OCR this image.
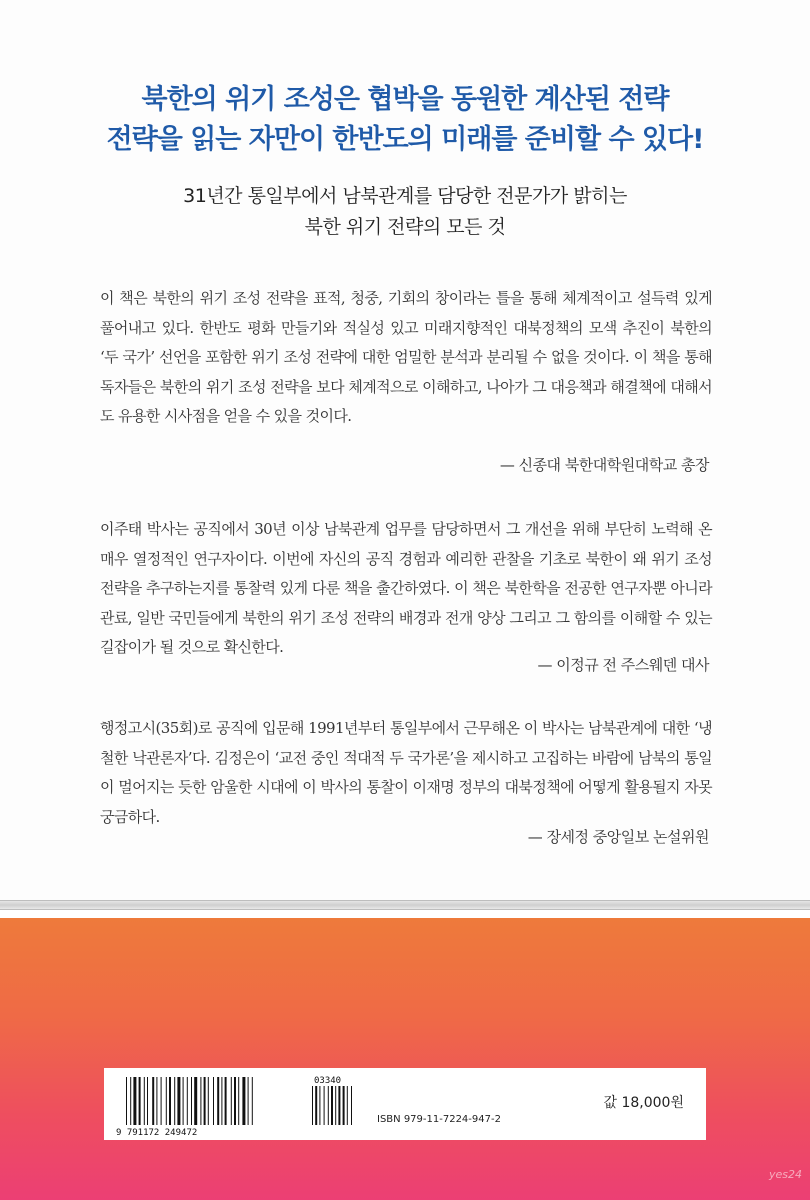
북한의 위기 조성은 협박을 동원한 계산된 전략
전략을 읽는 자만이 한반도의 미래를 준비할 수 있다!
31년간 통일부에서 남북관계를 담당한 전문가가 밝히는
북한 위기 전략의 모든 것
이 책은 북한의 위기 조성 전략을 표적, 청중, 기회의 창이라는 틀을 통해 체계적이고 설득력 있게 풀어내고 있다. 한반도 평화 만들기와 적실성 있고 미래지향적인 대북정책의 모색 추진이 북한의 ‘두 국가’ 선언을 포함한 위기 조성 전략에 대한 엄밀한 분석과 분리될 수 없을 것이다. 이 책을 통해 독자들은 북한의 위기 조성 전략을 보다 체계적으로 이해하고, 나아가 그 대응책과 해결책에 대해서도 유용한 시사점을 얻을 수 있을 것이다.
— 신종대 북한대학원대학교 총장
이주태 박사는 공직에서 30년 이상 남북관계 업무를 담당하면서 그 개선을 위해 부단히 노력해 온 매우 열정적인 연구자이다. 이번에 자신의 공직 경험과 예리한 관찰을 기초로 북한이 왜 위기 조성 전략을 추구하는지를 통찰력 있게 다룬 책을 출간하였다. 이 책은 북한학을 전공한 연구자뿐 아니라 관료, 일반 국민들에게 북한의 위기 조성 전략의 배경과 전개 양상 그리고 그 함의를 이해할 수 있는 길잡이가 될 것으로 확신한다.
— 이정규 전 주스웨덴 대사
행정고시(35회)로 공직에 입문해 1991년부터 통일부에서 근무해온 이 박사는 남북관계에 대한 ‘냉철한 낙관론자’다. 김정은이 ‘교전 중인 적대적 두 국가론’을 제시하고 고집하는 바람에 남북의 통일이 멀어지는 듯한 암울한 시대에 이 박사의 통찰이 이재명 정부의 대북정책에 어떻게 활용될지 자못 궁금하다.
— 장세정 중앙일보 논설위원
9 791172 249472
03340
ISBN 979-11-7224-947-2
값 18,000원
yes24
